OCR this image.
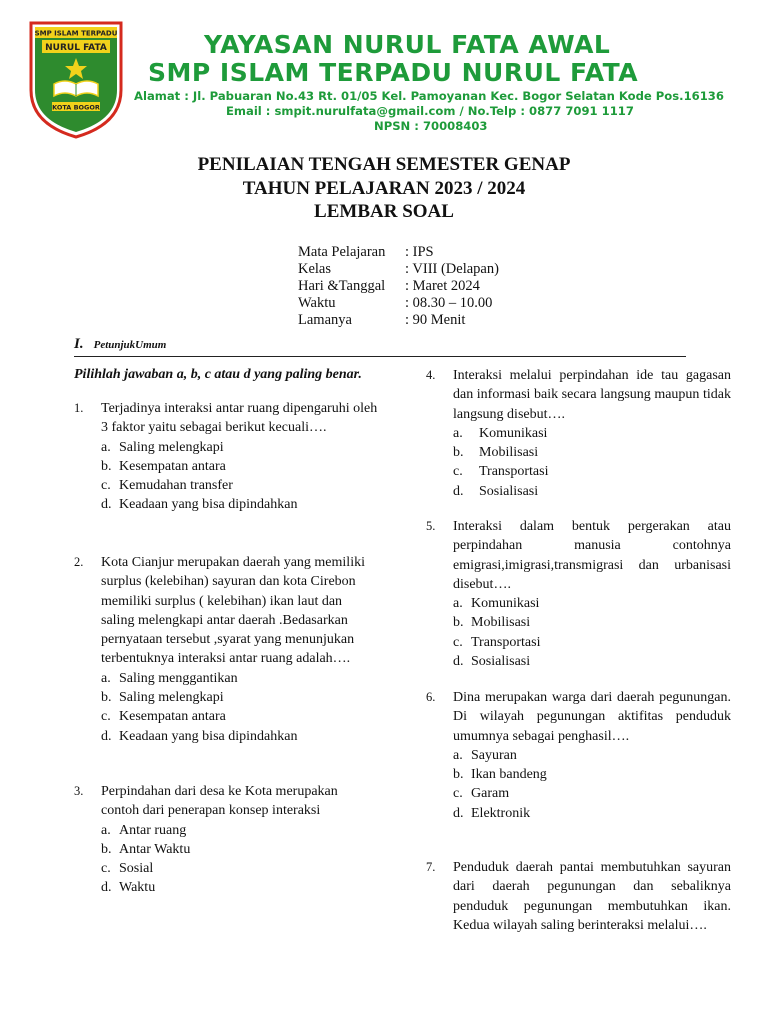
SMP ISLAM TERPADU
NURUL FATA
KOTA BOGOR
YAYASAN NURUL FATA AWAL
SMP ISLAM TERPADU NURUL FATA
Alamat : Jl. Pabuaran No.43 Rt. 01/05 Kel. Pamoyanan Kec. Bogor Selatan Kode Pos.16136
Email : smpit.nurulfata@gmail.com / No.Telp : 0877 7091 1117
NPSN : 70008403
PENILAIAN TENGAH SEMESTER GENAP
TAHUN PELAJARAN 2023 / 2024
LEMBAR SOAL
Mata Pelajaran	: IPS
Kelas	: VIII (Delapan)
Hari &Tanggal	: Maret 2024
Waktu	: 08.30 – 10.00
Lamanya	: 90 Menit
I. PetunjukUmum
Pilihlah jawaban a, b, c atau d yang paling benar.
1. Terjadinya interaksi antar ruang dipengaruhi oleh 3 faktor yaitu sebagai berikut kecuali….
a. Saling melengkapi
b. Kesempatan antara
c. Kemudahan transfer
d. Keadaan yang bisa dipindahkan
2. Kota Cianjur merupakan daerah yang memiliki surplus (kelebihan) sayuran dan kota Cirebon memiliki surplus ( kelebihan) ikan laut dan saling melengkapi antar daerah .Bedasarkan pernyataan tersebut ,syarat yang menunjukan terbentuknya interaksi antar ruang adalah….
a. Saling menggantikan
b. Saling melengkapi
c. Kesempatan antara
d. Keadaan yang bisa dipindahkan
3. Perpindahan dari desa ke Kota merupakan contoh dari penerapan konsep interaksi
a. Antar ruang
b. Antar Waktu
c. Sosial
d. Waktu
4. Interaksi melalui perpindahan ide tau gagasan dan informasi baik secara langsung maupun tidak langsung disebut….
a.	Komunikasi
b.	Mobilisasi
c.	Transportasi
d.	Sosialisasi
5. Interaksi dalam bentuk pergerakan atau perpindahan manusia contohnya emigrasi,imigrasi,transmigrasi dan urbanisasi disebut….
a. Komunikasi
b. Mobilisasi
c. Transportasi
d. Sosialisasi
6. Dina merupakan warga dari daerah pegunungan. Di wilayah pegunungan aktifitas penduduk umumnya sebagai penghasil….
a. Sayuran
b. Ikan bandeng
c. Garam
d. Elektronik
7. Penduduk daerah pantai membutuhkan sayuran dari daerah pegunungan dan sebaliknya penduduk pegunungan membutuhkan ikan. Kedua wilayah saling berinteraksi melalui….
